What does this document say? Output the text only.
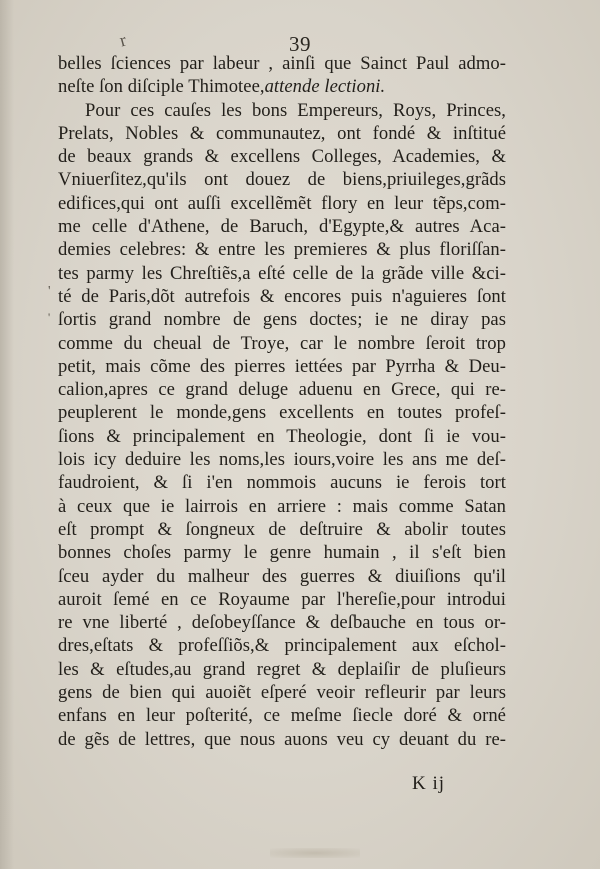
r
'
'
39
belles ſciences par labeur , ainſi que Sainct Paul admo-
neſte ſon diſciple Thimotee,attende lectioni.
Pour ces cauſes les bons Empereurs, Roys, Princes,
Prelats, Nobles & communautez, ont fondé & inſtitué
de beaux grands & excellens Colleges, Academies, &
Vniuerſitez,qu'ils ont douez de biens,priuileges,grãds
edifices,qui ont auſſi excellẽmẽt flory en leur tẽps,com-
me celle d'Athene, de Baruch, d'Egypte,& autres Aca-
demies celebres: & entre les premieres & plus floriſſan-
tes parmy les Chreſtiẽs,a eſté celle de la grãde ville &ci-
té de Paris,dõt autrefois & encores puis n'aguieres ſont
ſortis grand nombre de gens doctes; ie ne diray pas
comme du cheual de Troye, car le nombre ſeroit trop
petit, mais cõme des pierres iettées par Pyrrha & Deu-
calion,apres ce grand deluge aduenu en Grece, qui re-
peuplerent le monde,gens excellents en toutes profeſ-
ſions & principalement en Theologie, dont ſi ie vou-
lois icy deduire les noms,les iours,voire les ans me deſ-
faudroient, & ſi i'en nommois aucuns ie ferois tort
à ceux que ie lairrois en arriere : mais comme Satan
eſt prompt & ſongneux de deſtruire & abolir toutes
bonnes choſes parmy le genre humain , il s'eſt bien
ſceu ayder du malheur des guerres & diuiſions qu'il
auroit ſemé en ce Royaume par l'hereſie,pour introdui
re vne liberté , deſobeyſſance & deſbauche en tous or-
dres,eſtats & profeſſiõs,& principalement aux eſchol-
les & eſtudes,au grand regret & deplaiſir de pluſieurs
gens de bien qui auoiẽt eſperé veoir refleurir par leurs
enfans en leur poſterité, ce meſme ſiecle doré & orné
de gẽs de lettres, que nous auons veu cy deuant du re-
K ij
